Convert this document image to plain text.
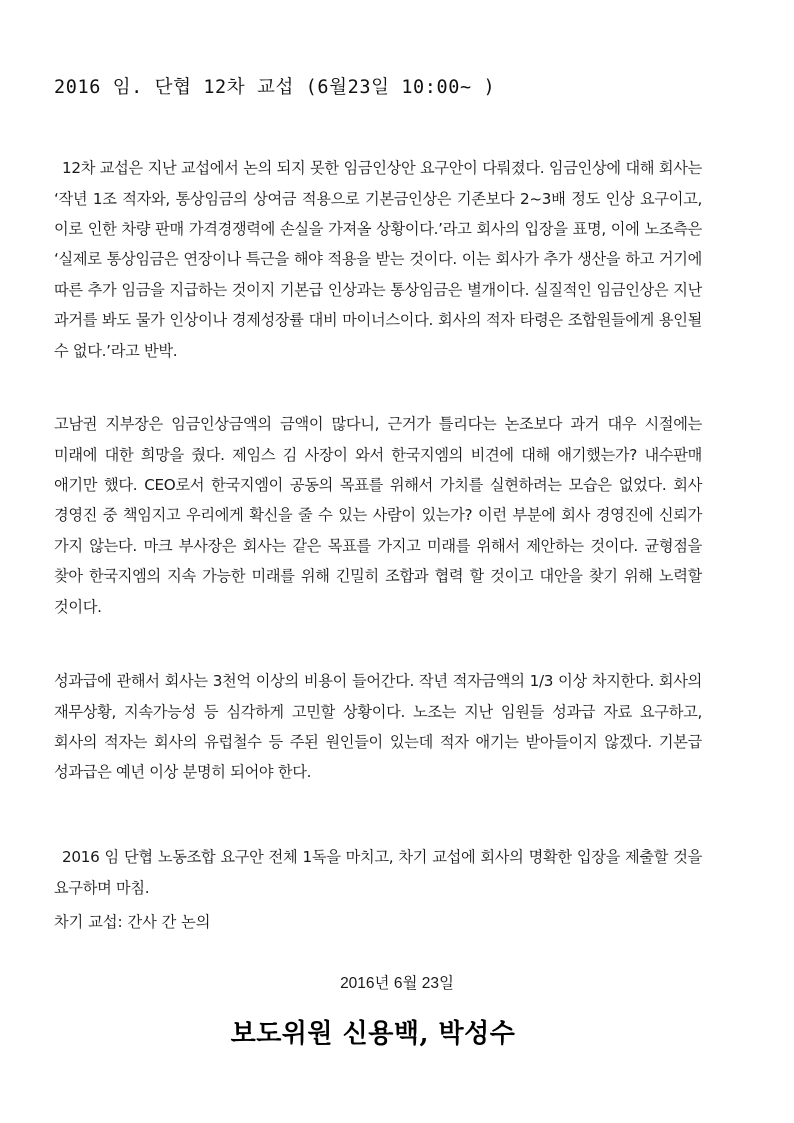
2016 임. 단협 12차 교섭 (6월23일 10:00~ )

12차 교섭은 지난 교섭에서 논의 되지 못한 임금인상안 요구안이 다뤄졌다. 임금인상에 대해 회사는 ‘작년 1조 적자와, 통상임금의 상여금 적용으로 기본금인상은 기존보다 2~3배 정도 인상 요구이고, 이로 인한 차량 판매 가격경쟁력에 손실을 가져올 상황이다.’라고 회사의 입장을 표명, 이에 노조측은 ‘실제로 통상임금은 연장이나 특근을 해야 적용을 받는 것이다. 이는 회사가 추가 생산을 하고 거기에 따른 추가 임금을 지급하는 것이지 기본급 인상과는 통상임금은 별개이다. 실질적인 임금인상은 지난 과거를 봐도 물가 인상이나 경제성장률 대비 마이너스이다. 회사의 적자 타령은 조합원들에게 용인될 수 없다.’라고 반박.

고남권 지부장은 임금인상금액의 금액이 많다니, 근거가 틀리다는 논조보다 과거 대우 시절에는 미래에 대한 희망을 줬다. 제임스 김 사장이 와서 한국지엠의 비견에 대해 애기했는가? 내수판매 애기만 했다. CEO로서 한국지엠이 공동의 목표를 위해서 가치를 실현하려는 모습은 없었다. 회사 경영진 중 책임지고 우리에게 확신을 줄 수 있는 사람이 있는가? 이런 부분에 회사 경영진에 신뢰가 가지 않는다. 마크 부사장은 회사는 같은 목표를 가지고 미래를 위해서 제안하는 것이다. 균형점을 찾아 한국지엠의 지속 가능한 미래를 위해 긴밀히 조합과 협력 할 것이고 대안을 찾기 위해 노력할 것이다.

성과급에 관해서 회사는 3천억 이상의 비용이 들어간다. 작년 적자금액의 1/3 이상 차지한다. 회사의 재무상황, 지속가능성 등 심각하게 고민할 상황이다. 노조는 지난 임원들 성과급 자료 요구하고, 회사의 적자는 회사의 유럽철수 등 주된 원인들이 있는데 적자 애기는 받아들이지 않겠다. 기본급 성과급은 예년 이상 분명히 되어야 한다.

2016 임 단협 노동조합 요구안 전체 1독을 마치고, 차기 교섭에 회사의 명확한 입장을 제출할 것을 요구하며 마침.

차기 교섭: 간사 간 논의
2016년 6월 23일
보도위원 신용백, 박성수
